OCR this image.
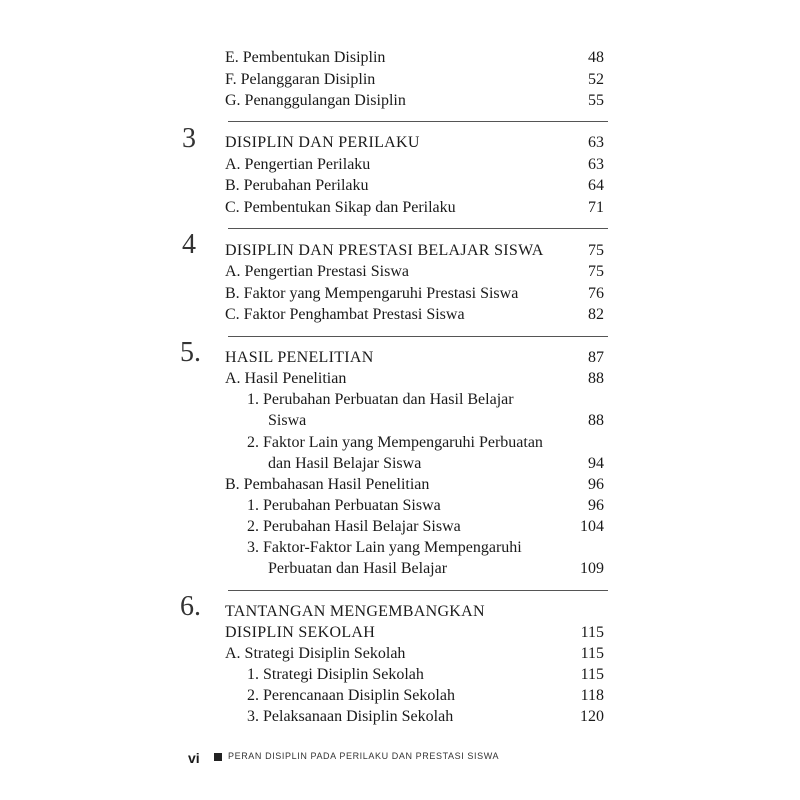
E. Pembentukan Disiplin	48
F. Pelanggaran Disiplin	52
G. Penanggulangan Disiplin	55
3 DISIPLIN DAN PERILAKU	63
A. Pengertian Perilaku	63
B. Perubahan Perilaku	64
C. Pembentukan Sikap dan Perilaku	71
4 DISIPLIN DAN PRESTASI BELAJAR SISWA	75
A. Pengertian Prestasi Siswa	75
B. Faktor yang Mempengaruhi Prestasi Siswa	76
C. Faktor Penghambat Prestasi Siswa	82
5. HASIL PENELITIAN	87
A. Hasil Penelitian	88
1. Perubahan Perbuatan dan Hasil Belajar
Siswa	88
2. Faktor Lain yang Mempengaruhi Perbuatan
dan Hasil Belajar Siswa	94
B. Pembahasan Hasil Penelitian	96
1. Perubahan Perbuatan Siswa	96
2. Perubahan Hasil Belajar Siswa	104
3. Faktor-Faktor Lain yang Mempengaruhi
Perbuatan dan Hasil Belajar	109
6. TANTANGAN MENGEMBANGKAN
DISIPLIN SEKOLAH	115
A. Strategi Disiplin Sekolah	115
1. Strategi Disiplin Sekolah	115
2. Perencanaan Disiplin Sekolah	118
3. Pelaksanaan Disiplin Sekolah	120
vi	PERAN DISIPLIN PADA PERILAKU DAN PRESTASI SISWA
